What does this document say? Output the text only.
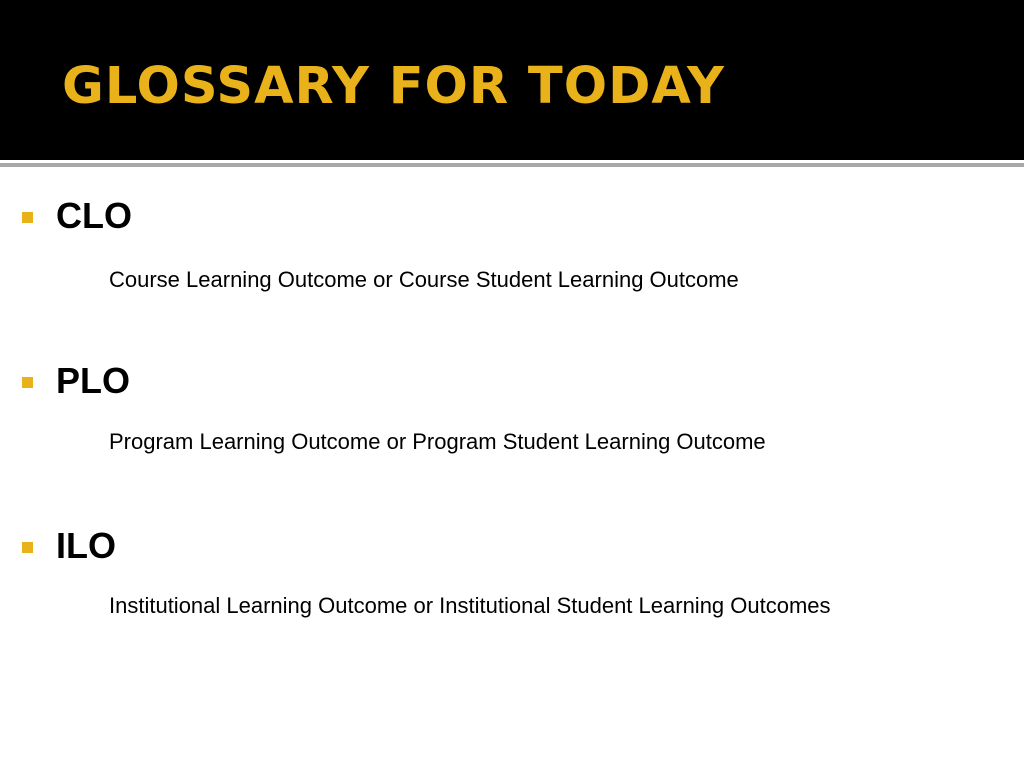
GLOSSARY FOR TODAY

CLO

Course Learning Outcome or Course Student Learning Outcome

PLO

Program Learning Outcome or Program Student Learning Outcome

ILO

Institutional Learning Outcome or Institutional Student Learning Outcomes
